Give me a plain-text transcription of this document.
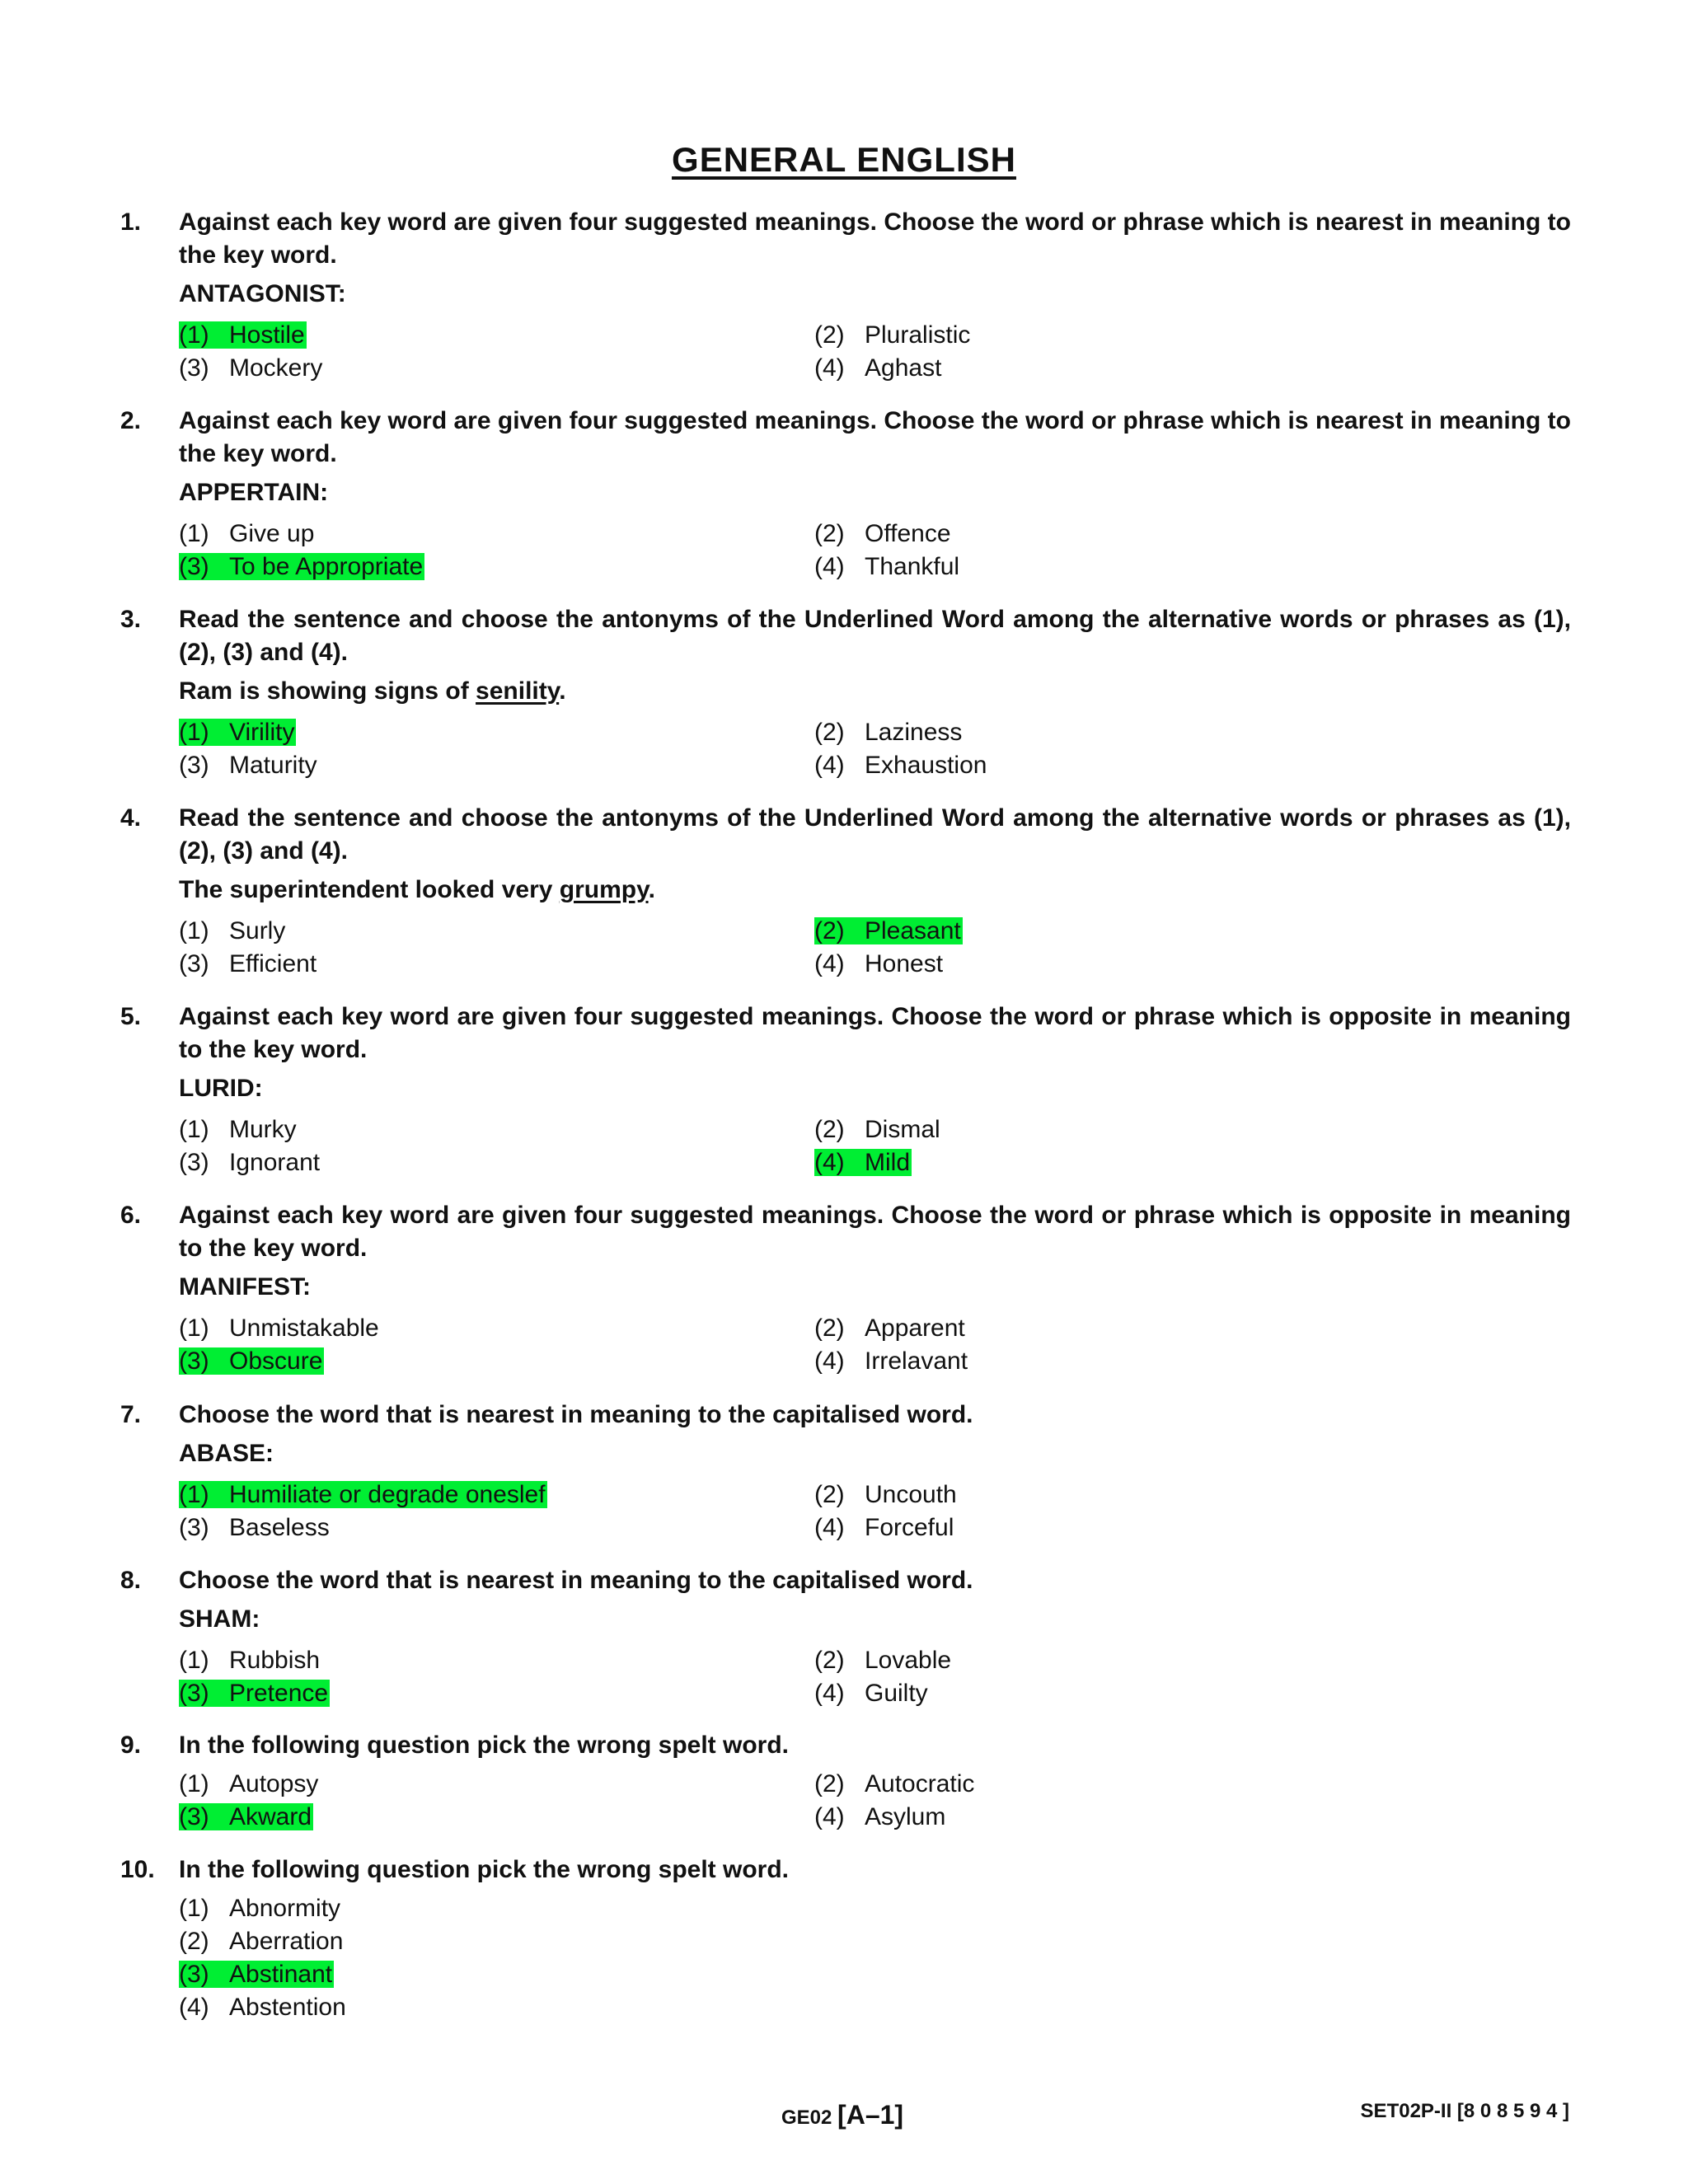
GENERAL ENGLISH
1. Against each key word are given four suggested meanings. Choose the word or phrase which is nearest in meaning to the key word.
ANTAGONIST:
(1) Hostile	(2) Pluralistic
(3) Mockery	(4) Aghast
2. Against each key word are given four suggested meanings. Choose the word or phrase which is nearest in meaning to the key word.
APPERTAIN:
(1) Give up	(2) Offence
(3) To be Appropriate	(4) Thankful
3. Read the sentence and choose the antonyms of the Underlined Word among the alternative words or phrases as (1), (2), (3) and (4).
Ram is showing signs of senility.
(1) Virility	(2) Laziness
(3) Maturity	(4) Exhaustion
4. Read the sentence and choose the antonyms of the Underlined Word among the alternative words or phrases as (1), (2), (3) and (4).
The superintendent looked very grumpy.
(1) Surly	(2) Pleasant
(3) Efficient	(4) Honest
5. Against each key word are given four suggested meanings. Choose the word or phrase which is opposite in meaning to the key word.
LURID:
(1) Murky	(2) Dismal
(3) Ignorant	(4) Mild
6. Against each key word are given four suggested meanings. Choose the word or phrase which is opposite in meaning to the key word.
MANIFEST:
(1) Unmistakable	(2) Apparent
(3) Obscure	(4) Irrelavant
7. Choose the word that is nearest in meaning to the capitalised word.
ABASE:
(1) Humiliate or degrade oneslef	(2) Uncouth
(3) Baseless	(4) Forceful
8. Choose the word that is nearest in meaning to the capitalised word.
SHAM:
(1) Rubbish	(2) Lovable
(3) Pretence	(4) Guilty
9. In the following question pick the wrong spelt word.
(1) Autopsy	(2) Autocratic
(3) Akward	(4) Asylum
10. In the following question pick the wrong spelt word.
(1) Abnormity
(2) Aberration
(3) Abstinant
(4) Abstention
GE02 [A–1]	SET02P-II [8 0 8 5 9 4 ]
